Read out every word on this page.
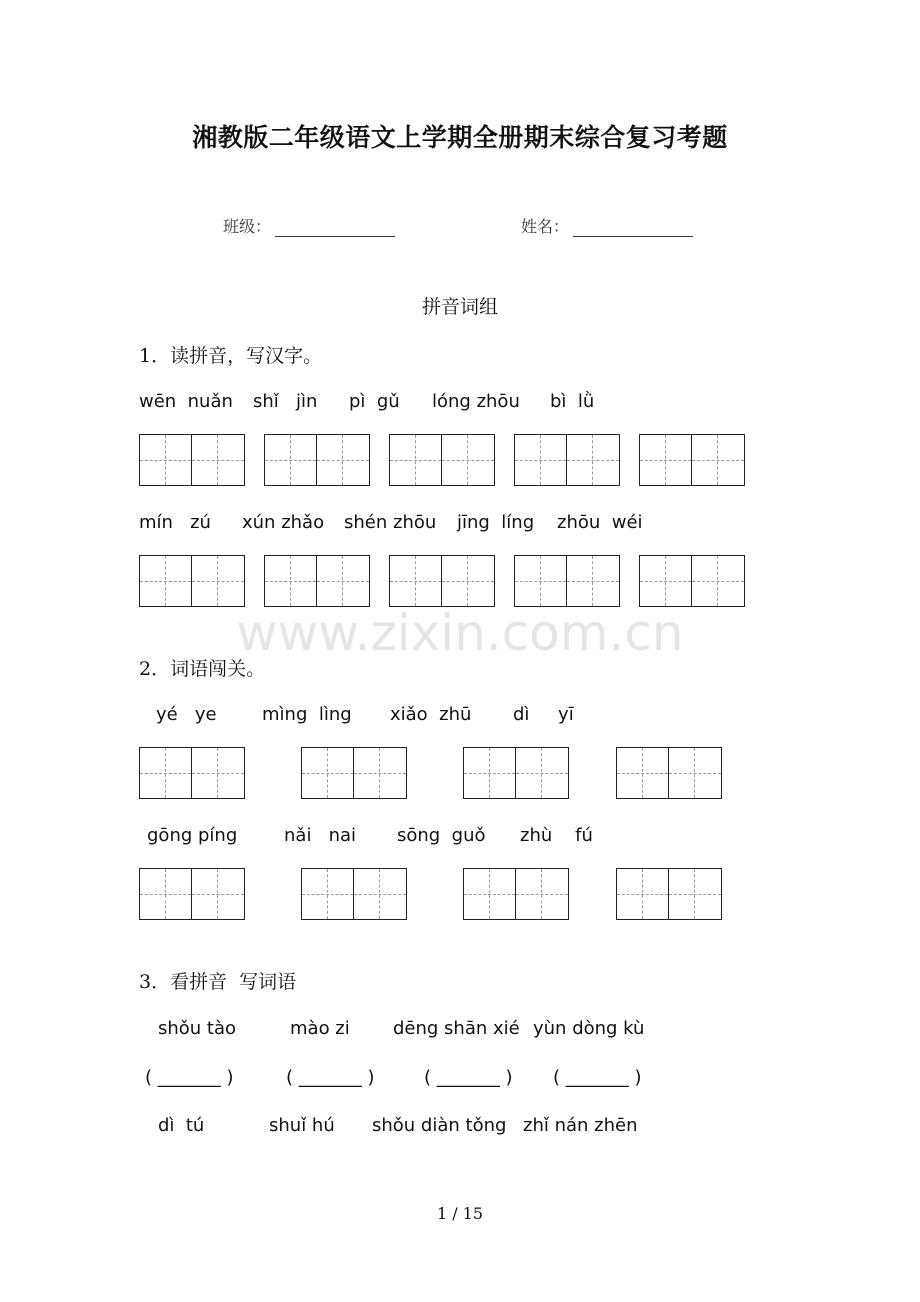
湘教版二年级语文上学期全册期末综合复习考题
班级：	姓名：
拼音词组
1．读拼音，写汉字。
wēn  nuǎn shǐ   jìn pì  gǔ lóng zhōu bì  lǜ
mín   zú xún zhǎo shén zhōu jīng  líng zhōu  wéi
www.zixin.com.cn
2．词语闯关。
yé   ye	mìng  lìng xiǎo  zhū dì     yī
gōng píng	nǎi   nai sōng  guǒ zhù    fú
3．看拼音  写词语
shǒu tào	mào zi dēng shān xié yùn dòng kù
( _______ )	( _______ )	( _______ ) ( _______ )
dì  tú	shuǐ hú shǒu diàn tǒng zhǐ nán zhēn
1 / 15
